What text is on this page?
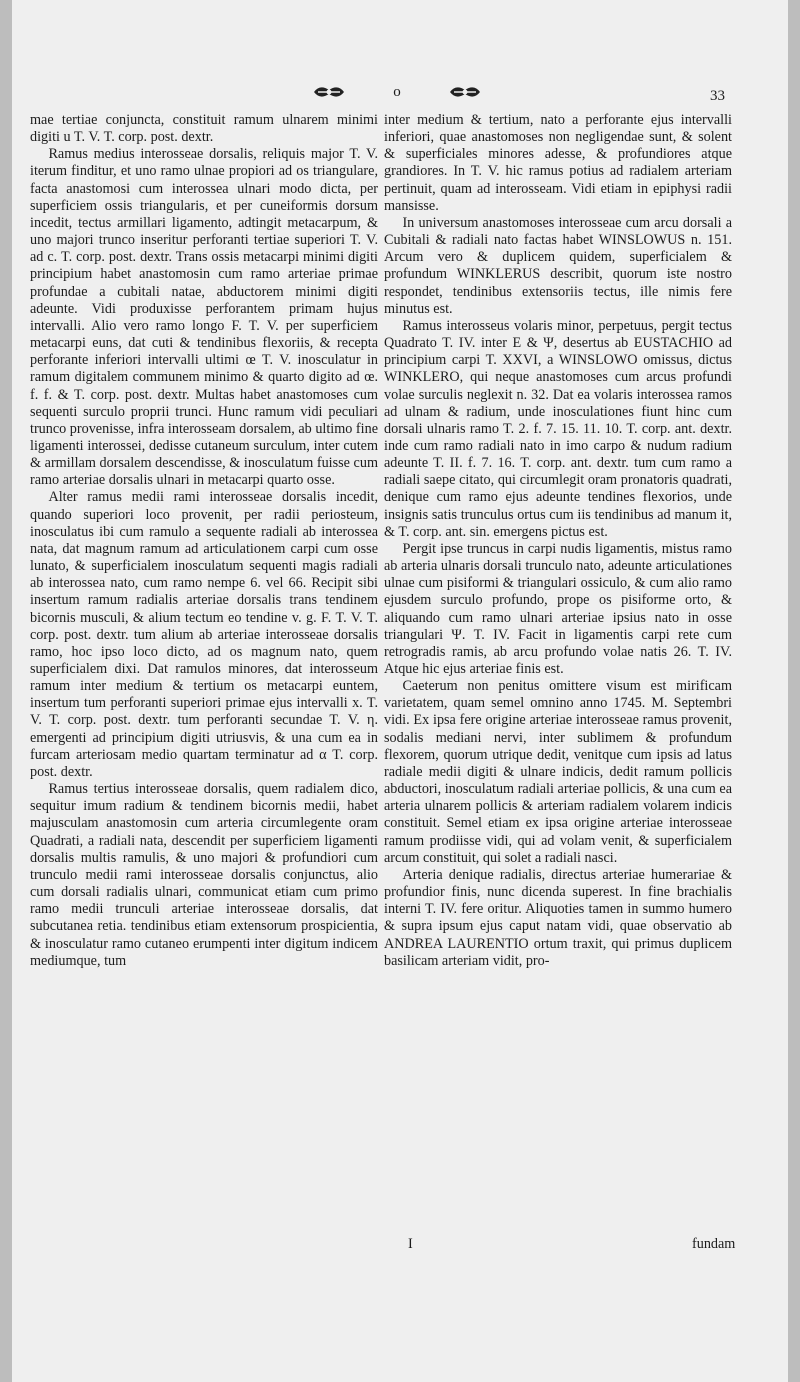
o	33

mae tertiae conjuncta, constituit ramum ulnarem minimi digiti u T. V. T. corp. post. dextr.

Ramus medius interosseae dorsalis, reliquis major T. V. iterum finditur, et uno ramo ulnae propiori ad os triangulare, facta anastomosi cum interossea ulnari modo dicta, per superficiem ossis triangularis, et per cuneiformis dorsum incedit, tectus armillari ligamento, adtingit metacarpum, & uno majori trunco inseritur perforanti tertiae superiori T. V. ad c. T. corp. post. dextr. Trans ossis metacarpi minimi digiti principium habet anastomosin cum ramo arteriae primae profundae a cubitali natae, abductorem minimi digiti adeunte. Vidi produxisse perforantem primam hujus intervalli. Alio vero ramo longo F. T. V. per superficiem metacarpi euns, dat cuti & tendinibus flexoriis, & recepta perforante inferiori intervalli ultimi œ T. V. inosculatur in ramum digitalem communem minimo & quarto digito ad œ. f. f. & T. corp. post. dextr. Multas habet anastomoses cum sequenti surculo proprii trunci. Hunc ramum vidi peculiari trunco provenisse, infra interosseam dorsalem, ab ultimo fine ligamenti interossei, dedisse cutaneum surculum, inter cutem & armillam dorsalem descendisse, & inosculatum fuisse cum ramo arteriae dorsalis ulnari in metacarpi quarto osse.

Alter ramus medii rami interosseae dorsalis incedit, quando superiori loco provenit, per radii periosteum, inosculatus ibi cum ramulo a sequente radiali ab interossea nata, dat magnum ramum ad articulationem carpi cum osse lunato, & superficialem inosculatum sequenti magis radiali ab interossea nato, cum ramo nempe 6. vel 66. Recipit sibi insertum ramum radialis arteriae dorsalis trans tendinem bicornis musculi, & alium tectum eo tendine v. g. F. T. V. T. corp. post. dextr. tum alium ab arteriae interosseae dorsalis ramo, hoc ipso loco dicto, ad os magnum nato, quem superficialem dixi. Dat ramulos minores, dat interosseum ramum inter medium & tertium os metacarpi euntem, insertum tum perforanti superiori primae ejus intervalli x. T. V. T. corp. post. dextr. tum perforanti secundae T. V. η. emergenti ad principium digiti utriusvis, & una cum ea in furcam arteriosam medio quartam terminatur ad α T. corp. post. dextr.

Ramus tertius interosseae dorsalis, quem radialem dico, sequitur imum radium & tendinem bicornis medii, habet majusculam anastomosin cum arteria circumlegente oram Quadrati, a radiali nata, descendit per superficiem ligamenti dorsalis multis ramulis, & uno majori & profundiori cum trunculo medii rami interosseae dorsalis conjunctus, alio cum dorsali radialis ulnari, communicat etiam cum primo ramo medii trunculi arteriae interosseae dorsalis, dat subcutanea retia. tendinibus etiam extensorum prospicientia, & inosculatur ramo cutaneo erumpenti inter digitum indicem mediumque, tum

inter medium & tertium, nato a perforante ejus intervalli inferiori, quae anastomoses non negligendae sunt, & solent & superficiales minores adesse, & profundiores atque grandiores. In T. V. hic ramus potius ad radialem arteriam pertinuit, quam ad interosseam. Vidi etiam in epiphysi radii mansisse.

In universum anastomoses interosseae cum arcu dorsali a Cubitali & radiali nato factas habet WINSLOWUS n. 151. Arcum vero & duplicem quidem, superficialem & profundum WINKLERUS describit, quorum iste nostro respondet, tendinibus extensoriis tectus, ille nimis fere minutus est.

Ramus interosseus volaris minor, perpetuus, pergit tectus Quadrato T. IV. inter E & Ψ, desertus ab EUSTACHIO ad principium carpi T. XXVI, a WINSLOWO omissus, dictus WINKLERO, qui neque anastomoses cum arcus profundi volae surculis neglexit n. 32. Dat ea volaris interossea ramos ad ulnam & radium, unde inosculationes fiunt hinc cum dorsali ulnaris ramo T. 2. f. 7. 15. 11. 10. T. corp. ant. dextr. inde cum ramo radiali nato in imo carpo & nudum radium adeunte T. II. f. 7. 16. T. corp. ant. dextr. tum cum ramo a radiali saepe citato, qui circumlegit oram pronatoris quadrati, denique cum ramo ejus adeunte tendines flexorios, unde insignis satis trunculus ortus cum iis tendinibus ad manum it, & T. corp. ant. sin. emergens pictus est.

Pergit ipse truncus in carpi nudis ligamentis, mistus ramo ab arteria ulnaris dorsali trunculo nato, adeunte articulationes ulnae cum pisiformi & triangulari ossiculo, & cum alio ramo ejusdem surculo profundo, prope os pisiforme orto, & aliquando cum ramo ulnari arteriae ipsius nato in osse triangulari Ψ. T. IV. Facit in ligamentis carpi rete cum retrogradis ramis, ab arcu profundo volae natis 26. T. IV. Atque hic ejus arteriae finis est.

Caeterum non penitus omittere visum est mirificam varietatem, quam semel omnino anno 1745. M. Septembri vidi. Ex ipsa fere origine arteriae interosseae ramus provenit, sodalis mediani nervi, inter sublimem & profundum flexorem, quorum utrique dedit, venitque cum ipsis ad latus radiale medii digiti & ulnare indicis, dedit ramum pollicis abductori, inosculatum radiali arteriae pollicis, & una cum ea arteria ulnarem pollicis & arteriam radialem volarem indicis constituit. Semel etiam ex ipsa origine arteriae interosseae ramum prodiisse vidi, qui ad volam venit, & superficialem arcum constituit, qui solet a radiali nasci.

Arteria denique radialis, directus arteriae humerariae & profundior finis, nunc dicenda superest. In fine brachialis interni T. IV. fere oritur. Aliquoties tamen in summo humero & supra ipsum ejus caput natam vidi, quae observatio ab ANDREA LAURENTIO ortum traxit, qui primus duplicem basilicam arteriam vidit, pro-

I	fundam
